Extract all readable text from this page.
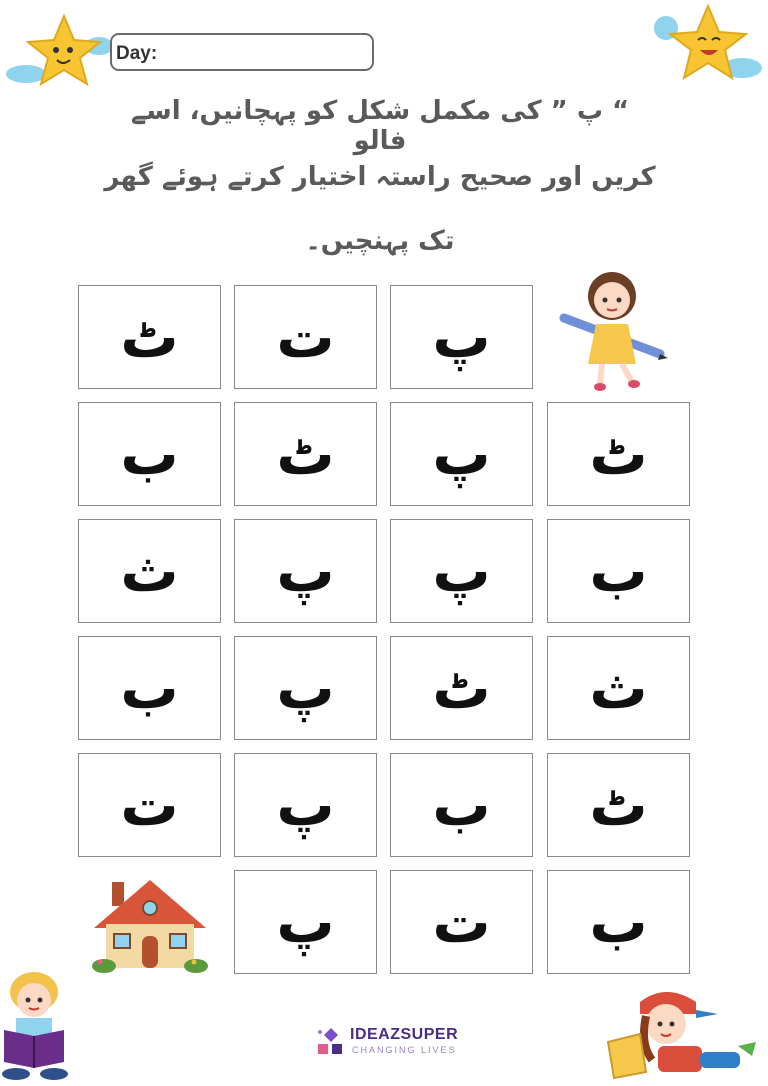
Day:
“ پ ” کی مکمل شکل کو پہچانیں، اسے فالو
کریں اور صحیح راستہ اختیار کرتے ہوئے گھر
تک پہنچیں۔
ٹ ت پ
ب ٹ پ ٹ
ث پ پ ب
ب پ ٹ ث
ت پ ب ٹ
پ ت ب
IDEAZSUPER
CHANGING LIVES
